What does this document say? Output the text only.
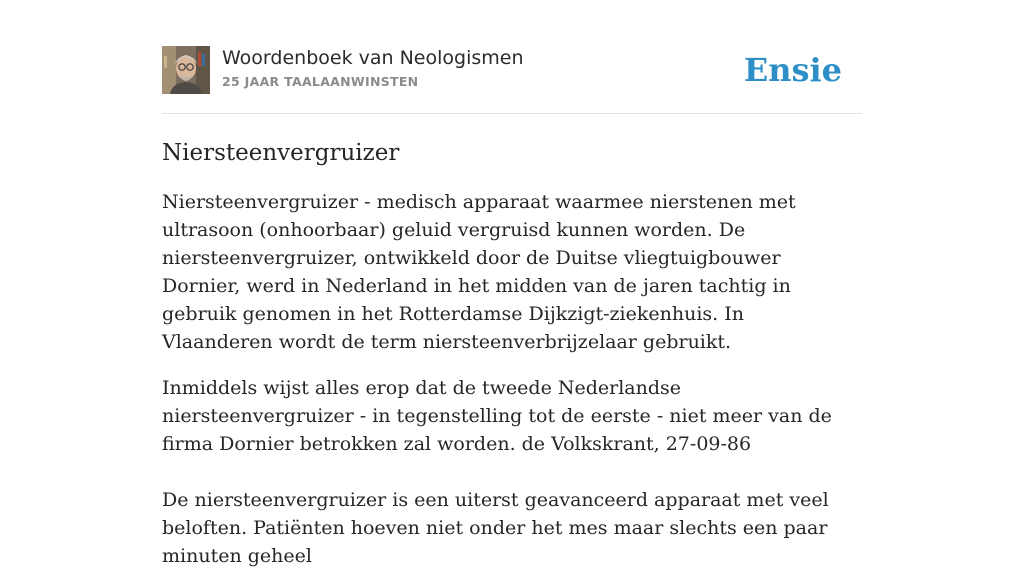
Woordenboek van Neologismen
25 JAAR TAALAANWINSTEN	Ensie
Niersteenvergruizer

Niersteenvergruizer - medisch apparaat waarmee nierstenen met ultrasoon (onhoorbaar) geluid vergruisd kunnen worden. De niersteenvergruizer, ontwikkeld door de Duitse vliegtuigbouwer Dornier, werd in Nederland in het midden van de jaren tachtig in gebruik genomen in het Rotterdamse Dijkzigt-ziekenhuis. In Vlaanderen wordt de term niersteenverbrijzelaar gebruikt.

Inmiddels wijst alles erop dat de tweede Nederlandse niersteenvergruizer - in tegenstelling tot de eerste - niet meer van de firma Dornier betrokken zal worden. de Volkskrant, 27-09-86

De niersteenvergruizer is een uiterst geavanceerd apparaat met veel beloften. Patiënten hoeven niet onder het mes maar slechts een paar minuten geheel
